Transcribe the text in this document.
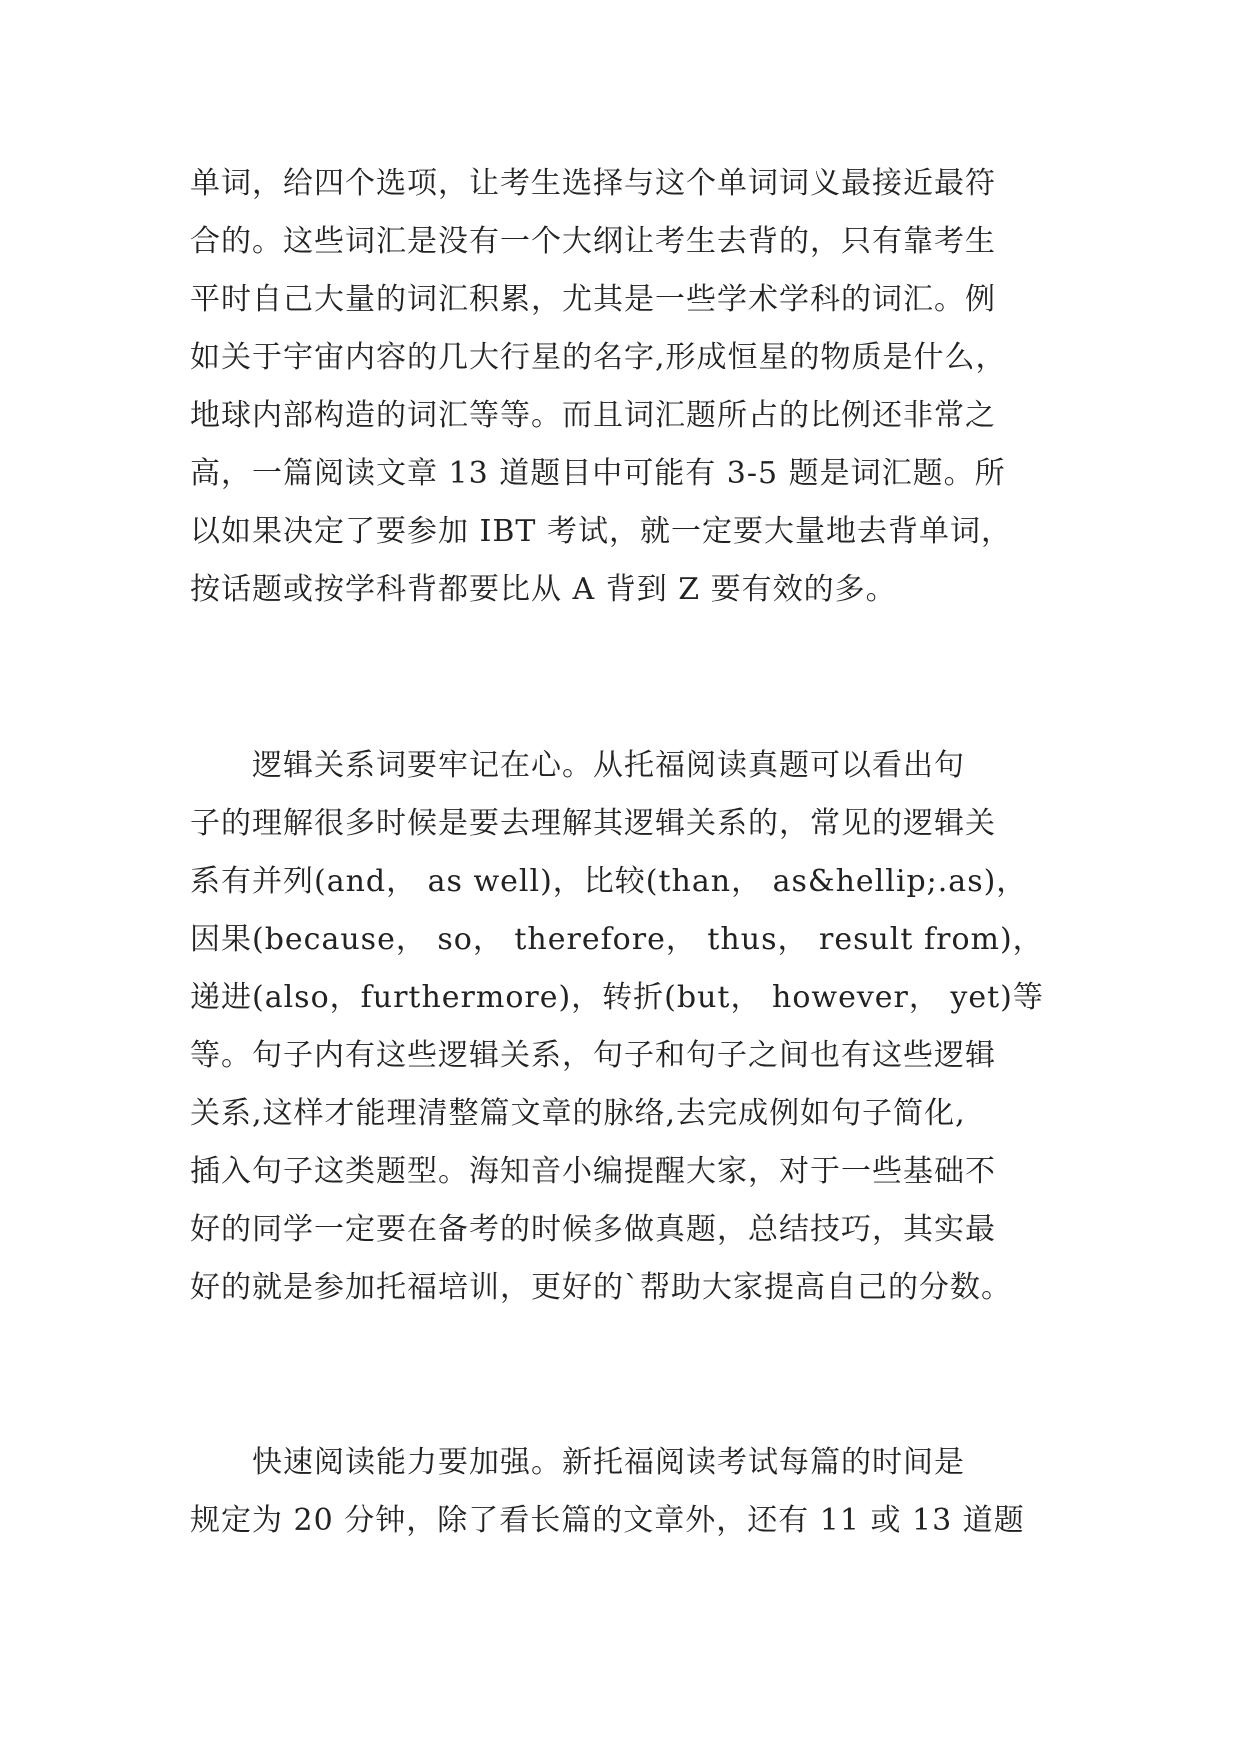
单词，给四个选项，让考生选择与这个单词词义最接近最符
合的。这些词汇是没有一个大纲让考生去背的，只有靠考生
平时自己大量的词汇积累，尤其是一些学术学科的词汇。例
如关于宇宙内容的几大行星的名字,形成恒星的物质是什么，
地球内部构造的词汇等等。而且词汇题所占的比例还非常之
高，一篇阅读文章 13 道题目中可能有 3-5 题是词汇题。所
以如果决定了要参加 IBT 考试，就一定要大量地去背单词，
按话题或按学科背都要比从 A 背到 Z 要有效的多。
　　逻辑关系词要牢记在心。从托福阅读真题可以看出句
子的理解很多时候是要去理解其逻辑关系的，常见的逻辑关
系有并列(and， as well)，比较(than， as&hellip;.as)，
因果(because， so， therefore， thus， result from)，
递进(also，furthermore)，转折(but， however， yet)等
等。句子内有这些逻辑关系，句子和句子之间也有这些逻辑
关系,这样才能理清整篇文章的脉络,去完成例如句子简化,
插入句子这类题型。海知音小编提醒大家，对于一些基础不
好的同学一定要在备考的时候多做真题，总结技巧，其实最
好的就是参加托福培训，更好的`帮助大家提高自己的分数。
　　快速阅读能力要加强。新托福阅读考试每篇的时间是
规定为 20 分钟，除了看长篇的文章外，还有 11 或 13 道题
